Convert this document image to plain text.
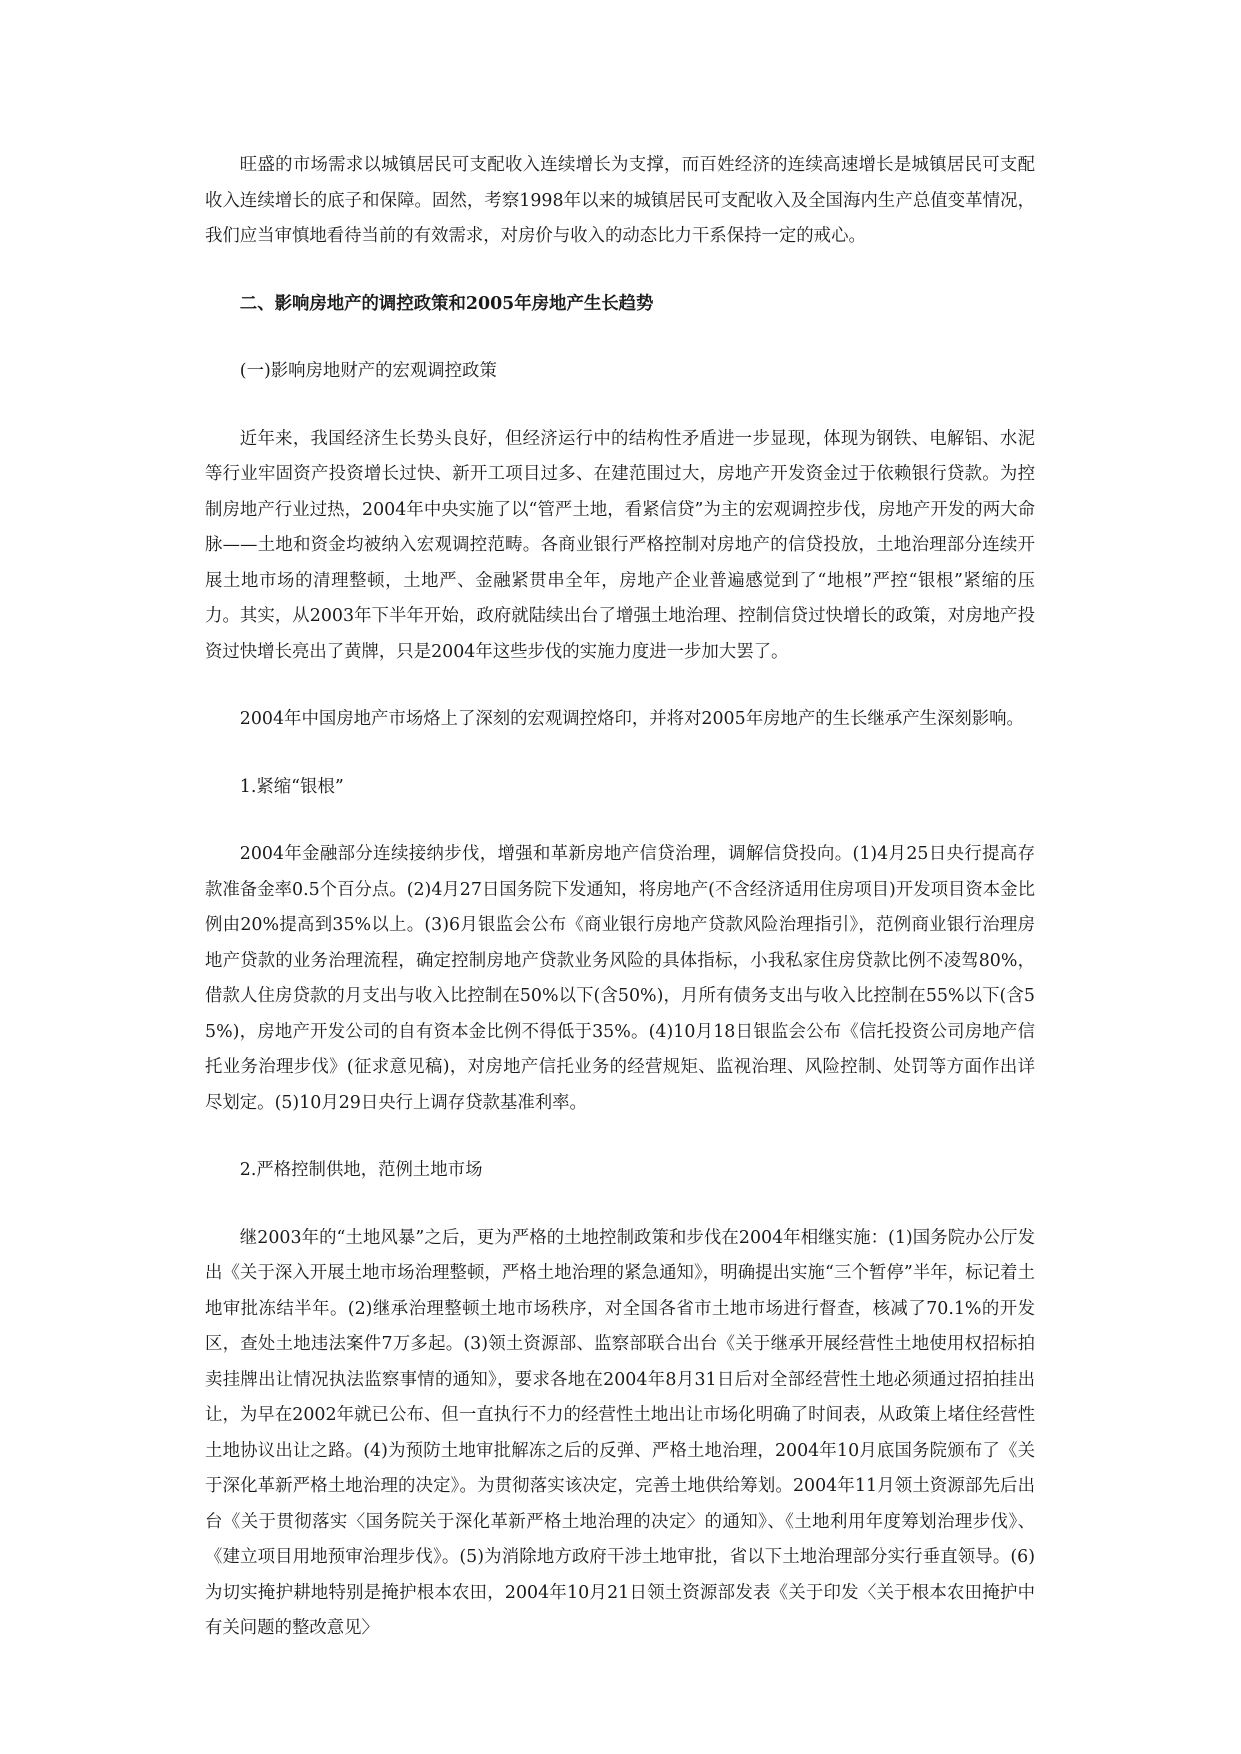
旺盛的市场需求以城镇居民可支配收入连续增长为支撑，而百姓经济的连续高速增长是城镇居民可支配收入连续增长的底子和保障。固然，考察1998年以来的城镇居民可支配收入及全国海内生产总值变革情况，我们应当审慎地看待当前的有效需求，对房价与收入的动态比力干系保持一定的戒心。

二、影响房地产的调控政策和2005年房地产生长趋势

(一)影响房地财产的宏观调控政策

近年来，我国经济生长势头良好，但经济运行中的结构性矛盾进一步显现，体现为钢铁、电解铝、水泥等行业牢固资产投资增长过快、新开工项目过多、在建范围过大，房地产开发资金过于依赖银行贷款。为控制房地产行业过热，2004年中央实施了以“管严土地，看紧信贷”为主的宏观调控步伐，房地产开发的两大命脉——土地和资金均被纳入宏观调控范畴。各商业银行严格控制对房地产的信贷投放，土地治理部分连续开展土地市场的清理整顿，土地严、金融紧贯串全年，房地产企业普遍感觉到了“地根”严控“银根”紧缩的压力。其实，从2003年下半年开始，政府就陆续出台了增强土地治理、控制信贷过快增长的政策，对房地产投资过快增长亮出了黄牌，只是2004年这些步伐的实施力度进一步加大罢了。

2004年中国房地产市场烙上了深刻的宏观调控烙印，并将对2005年房地产的生长继承产生深刻影响。

1.紧缩“银根”

2004年金融部分连续接纳步伐，增强和革新房地产信贷治理，调解信贷投向。(1)4月25日央行提高存款准备金率0.5个百分点。(2)4月27日国务院下发通知，将房地产(不含经济适用住房项目)开发项目资本金比例由20%提高到35%以上。(3)6月银监会公布《商业银行房地产贷款风险治理指引》，范例商业银行治理房地产贷款的业务治理流程，确定控制房地产贷款业务风险的具体指标，小我私家住房贷款比例不凌驾80%，借款人住房贷款的月支出与收入比控制在50%以下(含50%)，月所有债务支出与收入比控制在55%以下(含55%)，房地产开发公司的自有资本金比例不得低于35%。(4)10月18日银监会公布《信托投资公司房地产信托业务治理步伐》(征求意见稿)，对房地产信托业务的经营规矩、监视治理、风险控制、处罚等方面作出详尽划定。(5)10月29日央行上调存贷款基准利率。

2.严格控制供地，范例土地市场

继2003年的“土地风暴”之后，更为严格的土地控制政策和步伐在2004年相继实施：(1)国务院办公厅发出《关于深入开展土地市场治理整顿，严格土地治理的紧急通知》，明确提出实施“三个暂停”半年，标记着土地审批冻结半年。(2)继承治理整顿土地市场秩序，对全国各省市土地市场进行督查，核减了70.1%的开发区，查处土地违法案件7万多起。(3)领土资源部、监察部联合出台《关于继承开展经营性土地使用权招标拍卖挂牌出让情况执法监察事情的通知》，要求各地在2004年8月31日后对全部经营性土地必须通过招拍挂出让，为早在2002年就已公布、但一直执行不力的经营性土地出让市场化明确了时间表，从政策上堵住经营性土地协议出让之路。(4)为预防土地审批解冻之后的反弹、严格土地治理，2004年10月底国务院颁布了《关于深化革新严格土地治理的决定》。为贯彻落实该决定，完善土地供给筹划。2004年11月领土资源部先后出台《关于贯彻落实〈国务院关于深化革新严格土地治理的决定〉的通知》、《土地利用年度筹划治理步伐》、《建立项目用地预审治理步伐》。(5)为消除地方政府干涉土地审批，省以下土地治理部分实行垂直领导。(6)为切实掩护耕地特别是掩护根本农田，2004年10月21日领土资源部发表《关于印发〈关于根本农田掩护中有关问题的整改意见〉
